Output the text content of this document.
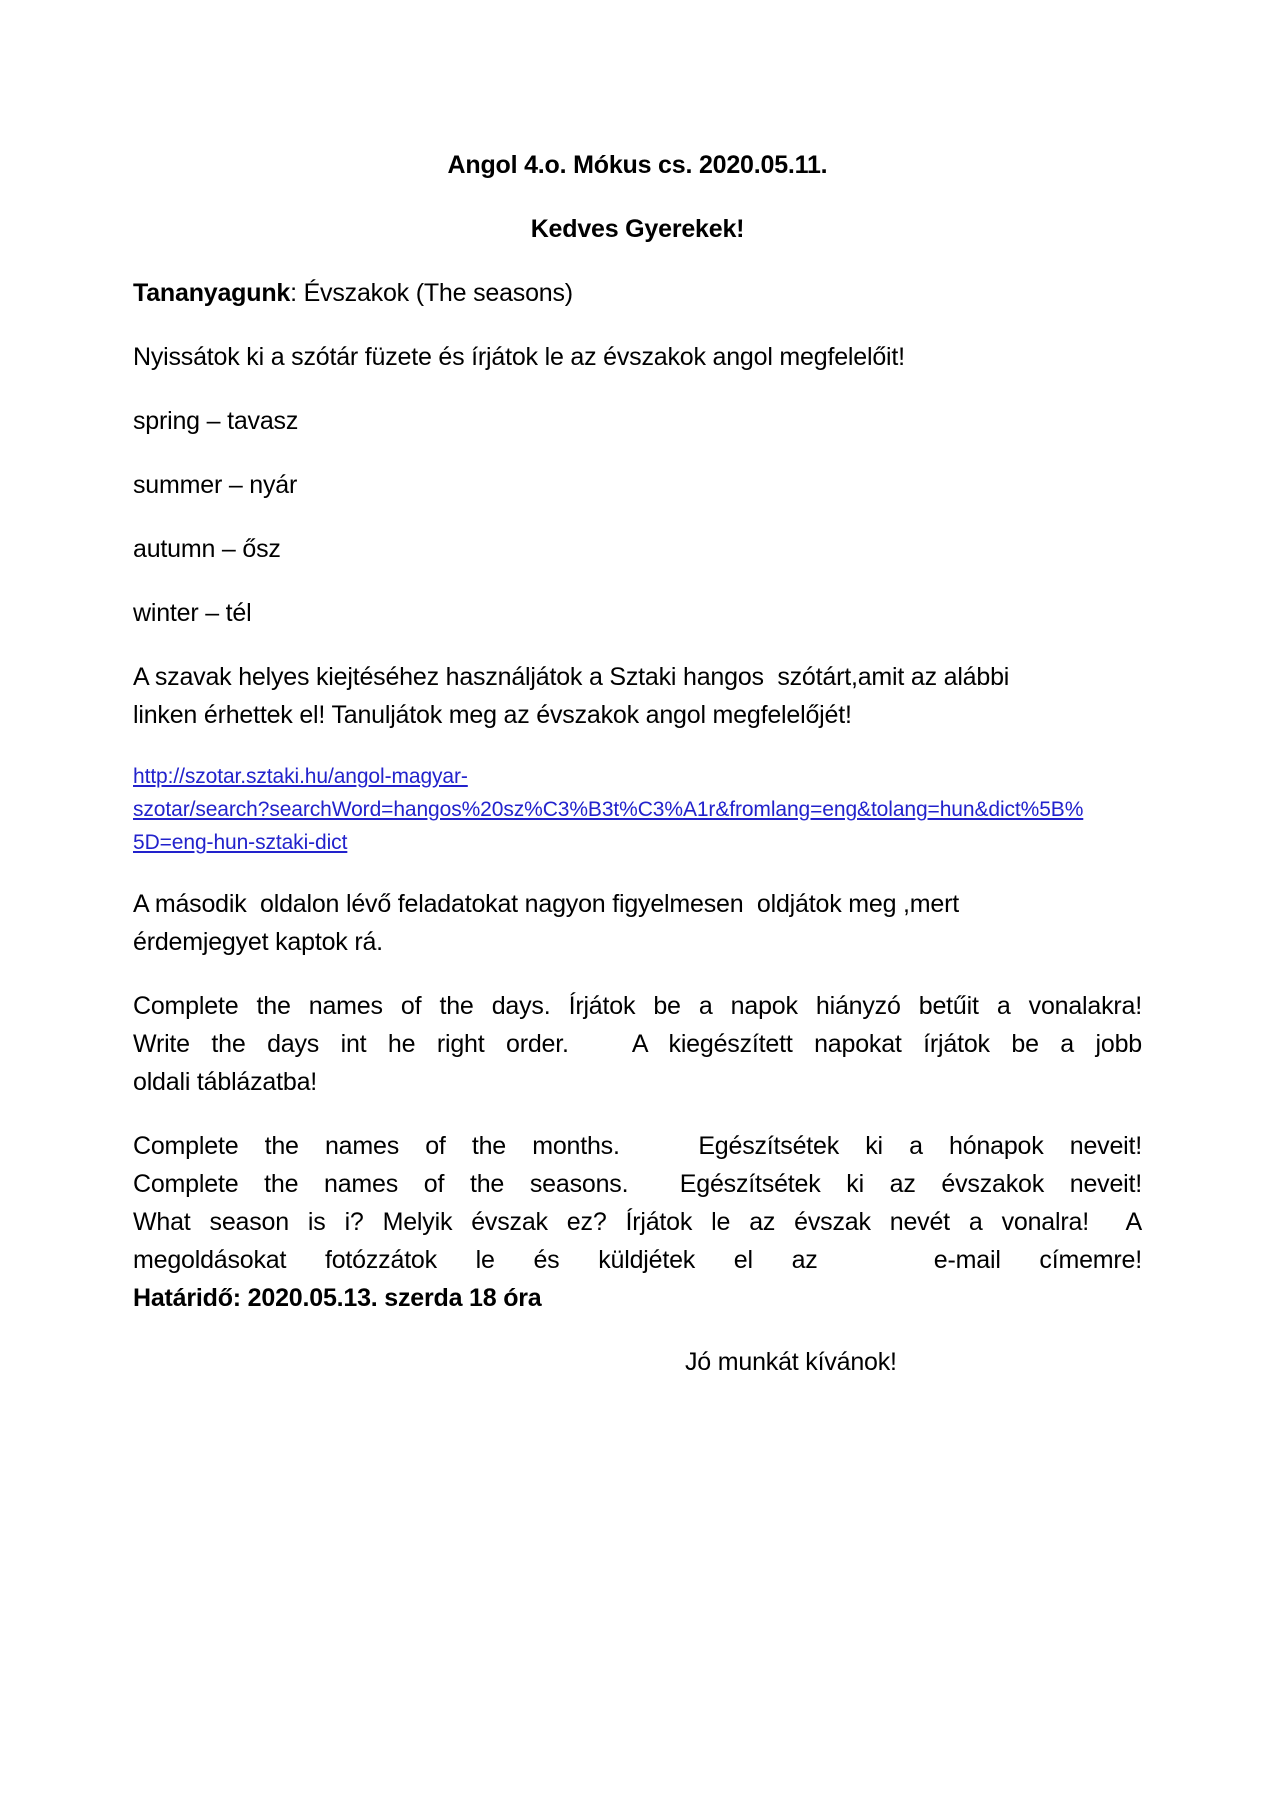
Angol 4.o. Mókus cs. 2020.05.11.

Kedves Gyerekek!

Tananyagunk: Évszakok (The seasons)

Nyissátok ki a szótár füzete és írjátok le az évszakok angol megfelelőit!

spring – tavasz

summer – nyár

autumn – ősz

winter – tél

A szavak helyes kiejtéséhez használjátok a Sztaki hangos  szótárt,amit az alábbi
linken érhettek el! Tanuljátok meg az évszakok angol megfelelőjét!

http://szotar.sztaki.hu/angol-magyar-
szotar/search?searchWord=hangos%20sz%C3%B3t%C3%A1r&fromlang=eng&tolang=hun&dict%5B%
5D=eng-hun-sztaki-dict

A második  oldalon lévő feladatokat nagyon figyelmesen  oldjátok meg ,mert
érdemjegyet kaptok rá.

Complete the names of the days. Írjátok be a napok hiányzó betűit a vonalakra!
Write the days int he right order.   A kiegészített napokat írjátok be a jobb
oldali táblázatba!

Complete the names of the months.   Egészítsétek ki a hónapok neveit!
Complete the names of the seasons.  Egészítsétek ki az évszakok neveit!
What season is i? Melyik évszak ez? Írjátok le az évszak nevét a vonalra!  A
megoldásokat fotózzátok le és küldjétek el az   e-mail címemre!
Határidő: 2020.05.13. szerda 18 óra

Jó munkát kívánok!
